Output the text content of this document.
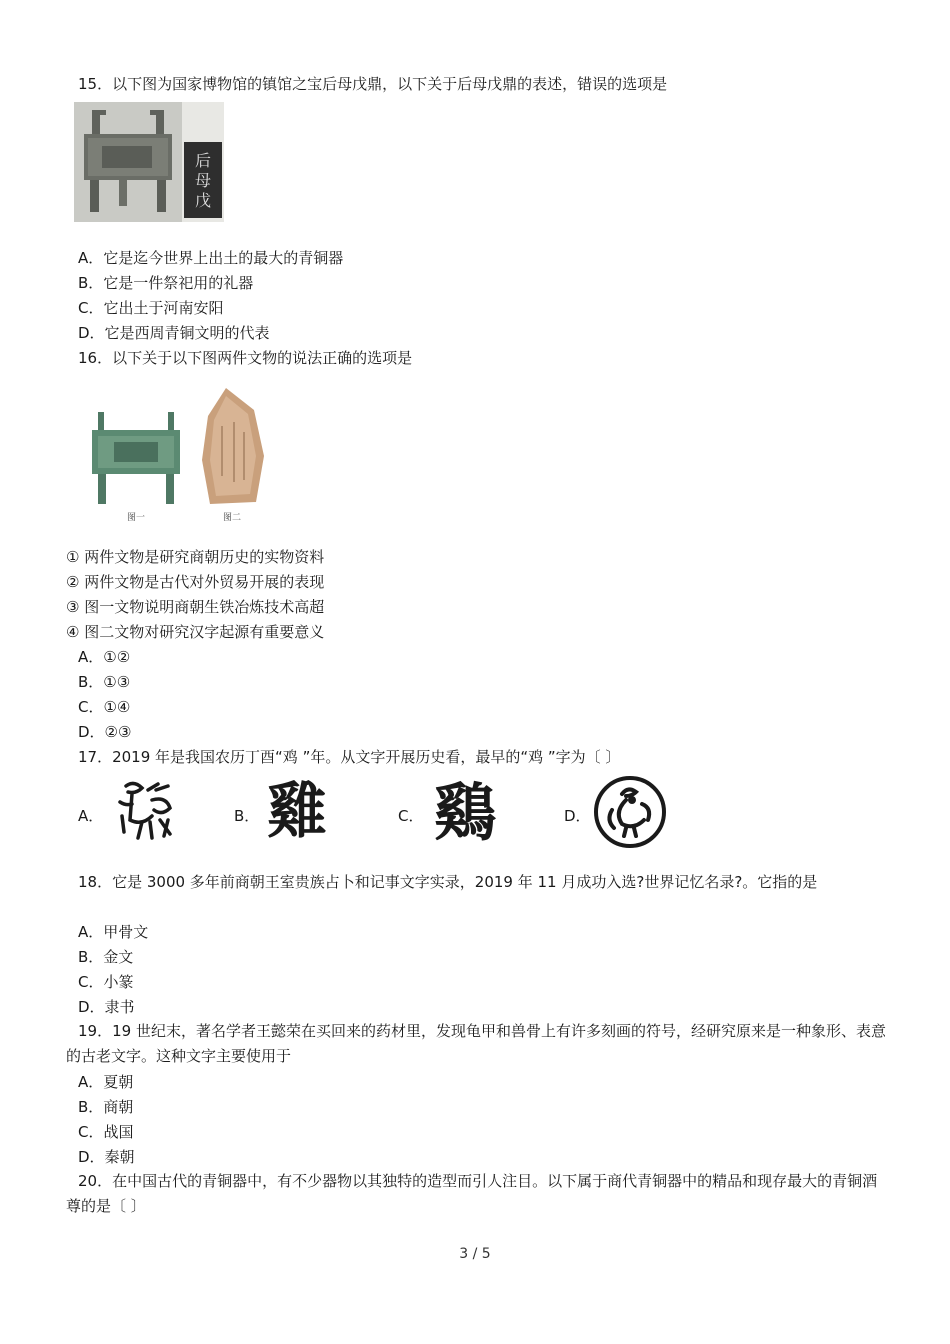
15．以下图为国家博物馆的镇馆之宝后母戊鼎，以下关于后母戊鼎的表述，错误的选项是
后
母
戊
A．它是迄今世界上出土的最大的青铜器
B．它是一件祭祀用的礼器
C．它出土于河南安阳
D．它是西周青铜文明的代表
16．以下关于以下图两件文物的说法正确的选项是
图一	图二
① 两件文物是研究商朝历史的实物资料
② 两件文物是古代对外贸易开展的表现
③ 图一文物说明商朝生铁冶炼技术高超
④ 图二文物对研究汉字起源有重要意义
A．①②
B．①③
C．①④
D．②③
17．2019 年是我国农历丁酉“鸡 ”年。从文字开展历史看，最早的“鸡 ”字为〔 〕
A．	B． 雞	C． 鷄	D．
18．它是 3000 多年前商朝王室贵族占卜和记事文字实录，2019 年 11 月成功入选?世界记忆名录?。它指的是
A．甲骨文
B．金文
C．小篆
D．隶书
19．19 世纪末，著名学者王懿荣在买回来的药材里，发现龟甲和兽骨上有许多刻画的符号，经研究原来是一种象形、表意的古老文字。这种文字主要使用于
A．夏朝
B．商朝
C．战国
D．秦朝
20．在中国古代的青铜器中，有不少器物以其独特的造型而引人注目。以下属于商代青铜器中的精品和现存最大的青铜酒尊的是〔 〕
3 / 5
